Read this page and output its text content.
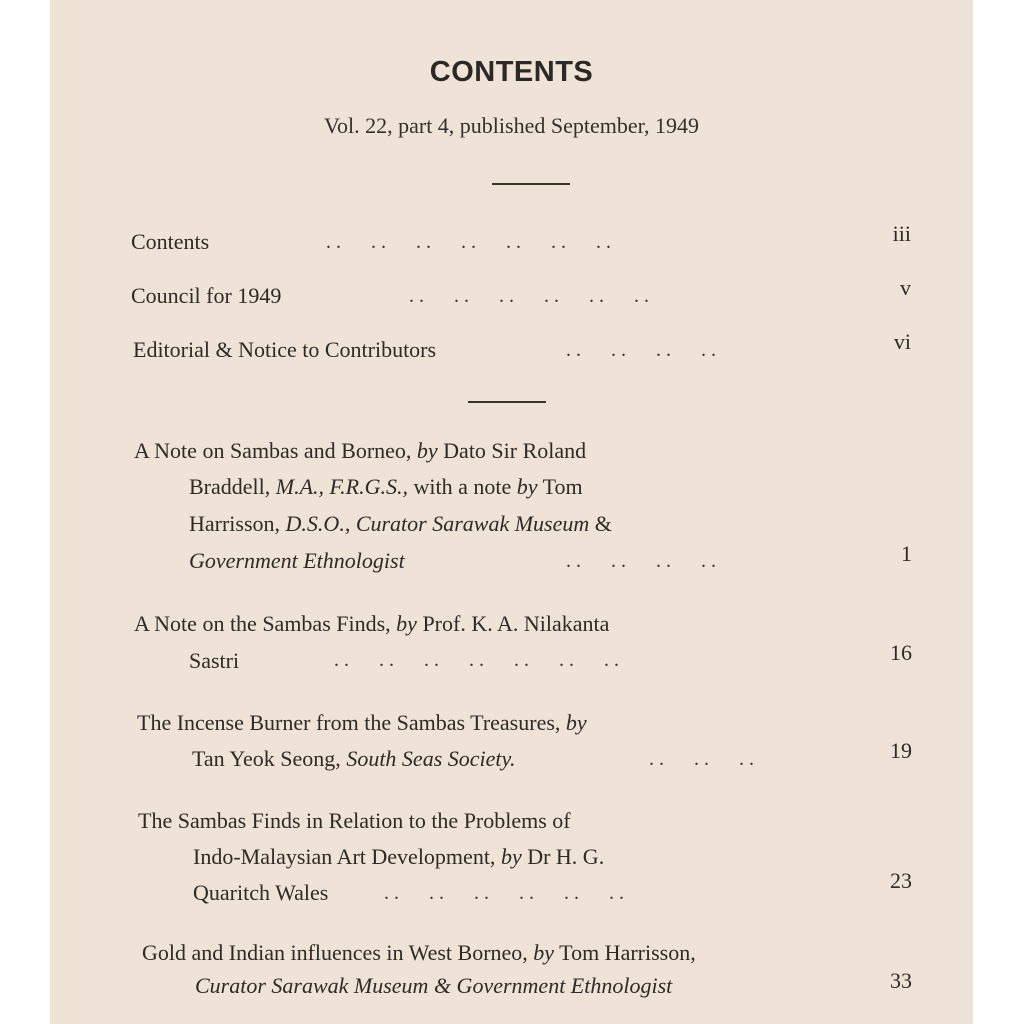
CONTENTS
Vol. 22, part 4, published September, 1949
Contents	. .      . .      . .      . .      . .      . .      . .	iii
Council for 1949	. .      . .      . .      . .      . .      . .	v
Editorial & Notice to Contributors	. .      . .      . .      . .	vi
A Note on Sambas and Borneo, by Dato Sir Roland
Braddell, M.A., F.R.G.S., with a note by Tom
Harrisson, D.S.O., Curator Sarawak Museum &
Government Ethnologist	. .      . .      . .      . .	1
A Note on the Sambas Finds, by Prof. K. A. Nilakanta
Sastri	. .      . .      . .      . .      . .      . .      . .	16
The Incense Burner from the Sambas Treasures, by
Tan Yeok Seong, South Seas Society.	. .      . .      . .	19
The Sambas Finds in Relation to the Problems of
Indo-Malaysian Art Development, by Dr H. G.
Quaritch Wales	. .      . .      . .      . .      . .      . .	23
Gold and Indian influences in West Borneo, by Tom Harrisson,
Curator Sarawak Museum & Government Ethnologist	33
